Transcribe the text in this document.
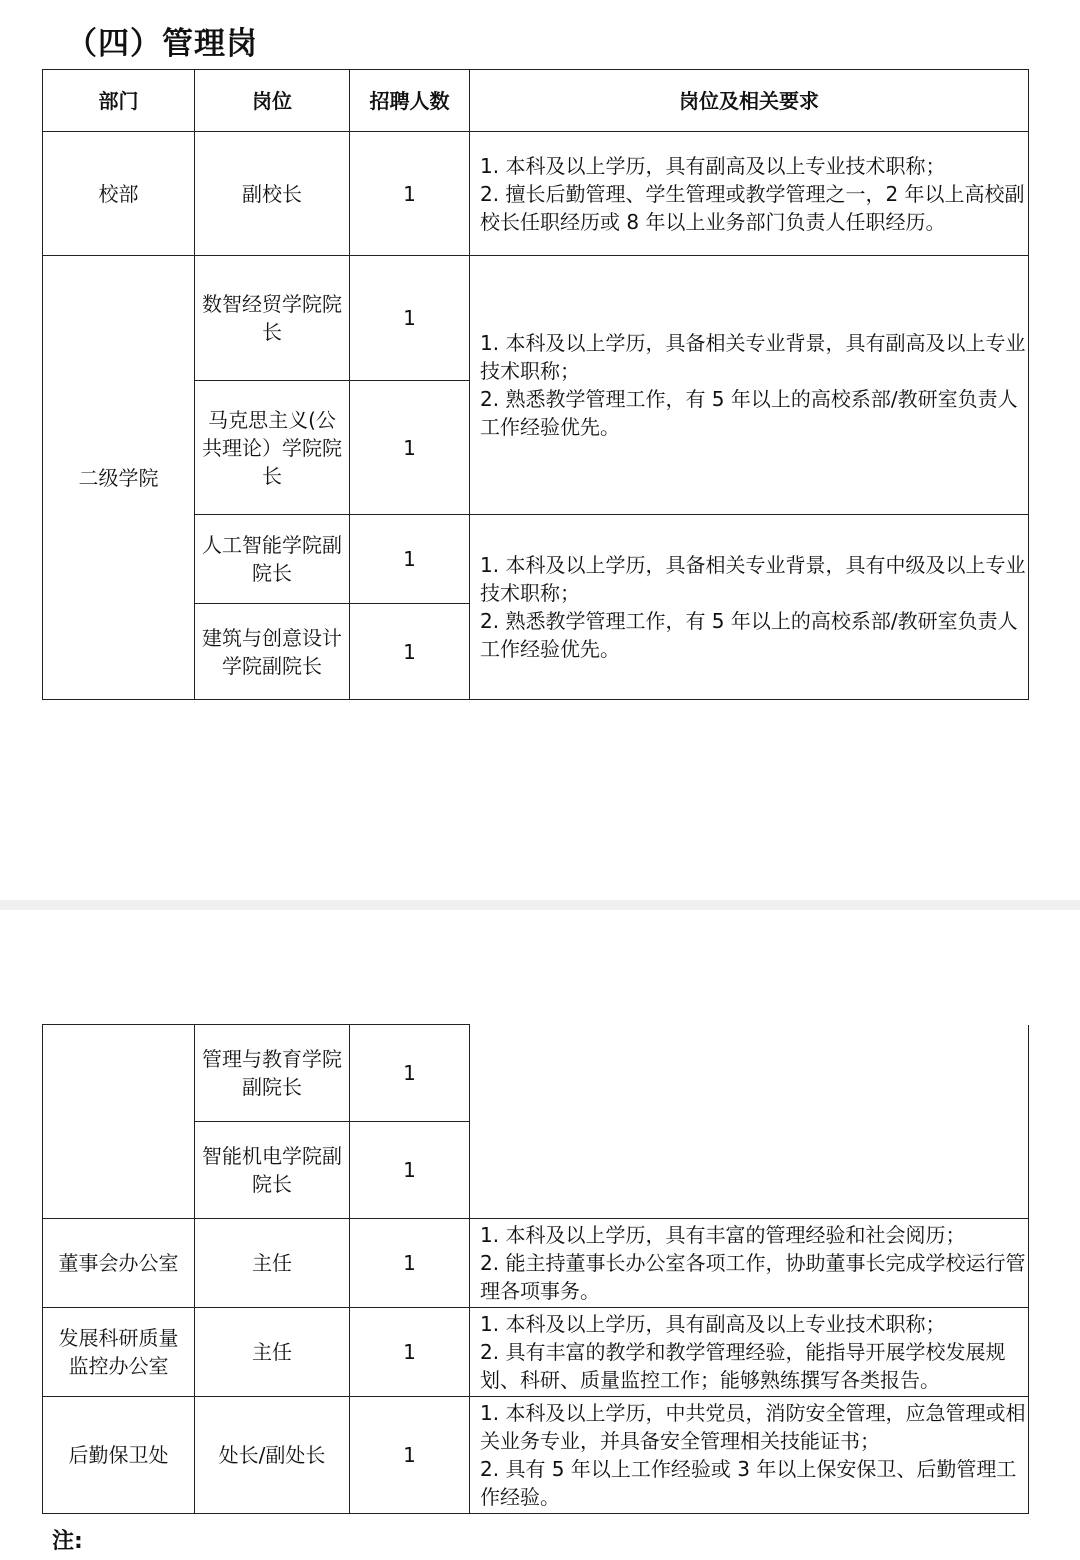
（四）管理岗
部门	岗位	招聘人数	岗位及相关要求
校部	副校长	1	1. 本科及以上学历，具有副高及以上专业技术职称；

2. 擅长后勤管理、学生管理或教学管理之一，2 年以上高校副校长任职经历或 8 年以上业务部门负责人任职经历。

二级学院	数智经贸学院院长	1	1. 本科及以上学历，具备相关专业背景，具有副高及以上专业技术职称；

2. 熟悉教学管理工作，有 5 年以上的高校系部/教研室负责人工作经验优先。

	马克思主义(公共理论）学院院长	1	
	人工智能学院副院长	1	1. 本科及以上学历，具备相关专业背景，具有中级及以上专业技术职称；

2. 熟悉教学管理工作，有 5 年以上的高校系部/教研室负责人工作经验优先。

	建筑与创意设计学院副院长	1	
	管理与教育学院副院长	1	
	智能机电学院副院长	1	
董事会办公室	主任	1	1. 本科及以上学历，具有丰富的管理经验和社会阅历；

2. 能主持董事长办公室各项工作，协助董事长完成学校运行管理各项事务。

发展科研质量监控办公室	主任	1	1. 本科及以上学历，具有副高及以上专业技术职称；

2. 具有丰富的教学和教学管理经验，能指导开展学校发展规划、科研、质量监控工作；能够熟练撰写各类报告。

后勤保卫处	处长/副处长	1	1. 本科及以上学历，中共党员，消防安全管理，应急管理或相关业务专业，并具备安全管理相关技能证书；

2. 具有 5 年以上工作经验或 3 年以上保安保卫、后勤管理工作经验。

注:
